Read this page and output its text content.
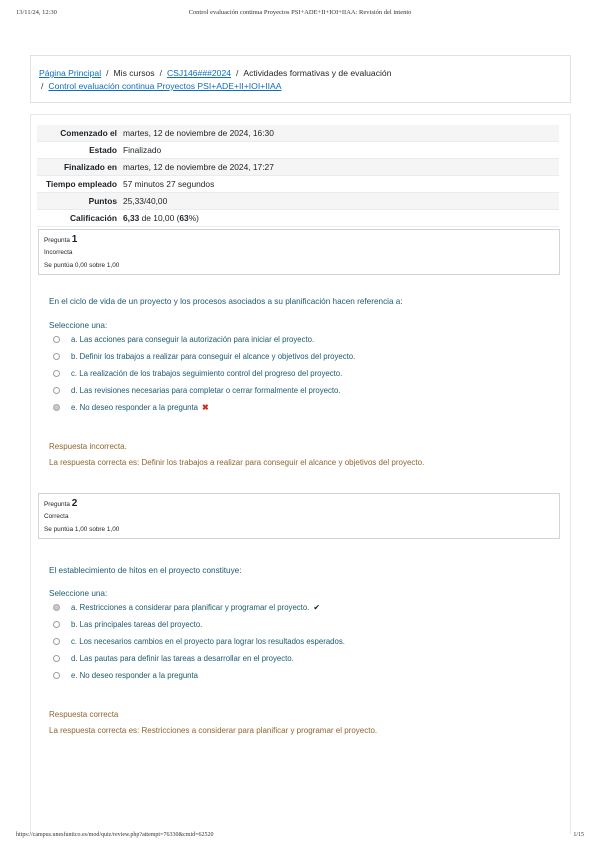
13/11/24, 12:30	Control evaluación continua Proyectos PSI+ADE+II+IOI+IIAA: Revisión del intento
Página Principal / Mis cursos / CSJ146###2024 / Actividades formativas y de evaluación
/ Control evaluación continua Proyectos PSI+ADE+II+IOI+IIAA
Comenzado el martes, 12 de noviembre de 2024, 16:30
Estado Finalizado
Finalizado en martes, 12 de noviembre de 2024, 17:27
Tiempo empleado 57 minutos 27 segundos
Puntos 25,33/40,00
Calificación 6,33 de 10,00 (63%)
Pregunta 1
Incorrecta
Se puntúa 0,00 sobre 1,00
En el ciclo de vida de un proyecto y los procesos asociados a su planificación hacen referencia a:
Seleccione una:
a. Las acciones para conseguir la autorización para iniciar el proyecto.
b. Definir los trabajos a realizar para conseguir el alcance y objetivos del proyecto.
c. La realización de los trabajos seguimiento control del progreso del proyecto.
d. Las revisiones necesarias para completar o cerrar formalmente el proyecto.
e. No deseo responder a la pregunta ✖
Respuesta incorrecta.
La respuesta correcta es: Definir los trabajos a realizar para conseguir el alcance y objetivos del proyecto.
Pregunta 2
Correcta
Se puntúa 1,00 sobre 1,00
El establecimiento de hitos en el proyecto constituye:
Seleccione una:
a. Restricciones a considerar para planificar y programar el proyecto. ✔
b. Las principales tareas del proyecto.
c. Los necesarios cambios en el proyecto para lograr los resultados esperados.
d. Las pautas para definir las tareas a desarrollar en el proyecto.
e. No deseo responder a la pregunta
Respuesta correcta
La respuesta correcta es: Restricciones a considerar para planificar y programar el proyecto.
https://campus.unesfuntico.es/mod/quiz/review.php?attempt=76330&cmid=62520	1/15
